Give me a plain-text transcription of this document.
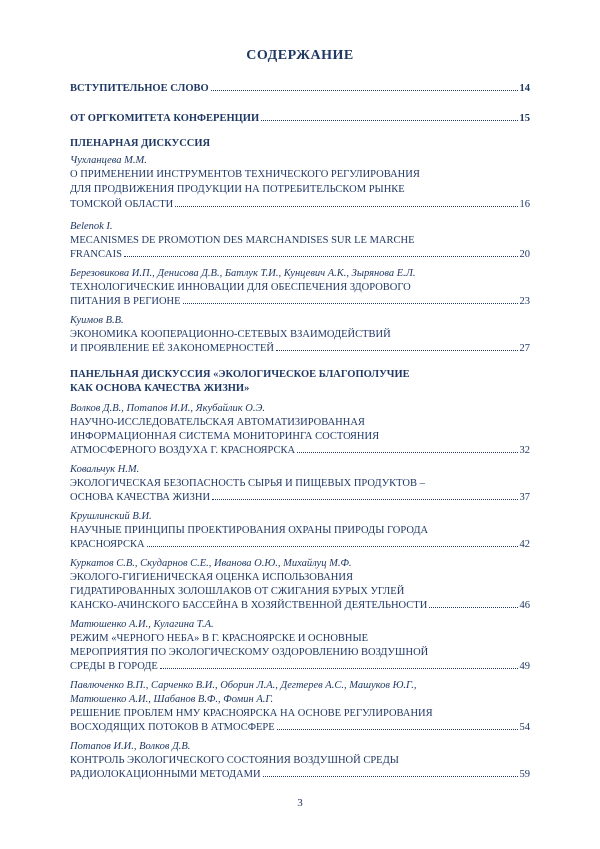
СОДЕРЖАНИЕ
ВСТУПИТЕЛЬНОЕ СЛОВО	14
ОТ ОРГКОМИТЕТА КОНФЕРЕНЦИИ	15
ПЛЕНАРНАЯ ДИСКУССИЯ
Чухланцева М.М.
О ПРИМЕНЕНИИ ИНСТРУМЕНТОВ ТЕХНИЧЕСКОГО РЕГУЛИРОВАНИЯ
ДЛЯ ПРОДВИЖЕНИЯ ПРОДУКЦИИ НА ПОТРЕБИТЕЛЬСКОМ РЫНКЕ
ТОМСКОЙ ОБЛАСТИ	16
Belenok I.
MECANISMES DE PROMOTION DES MARCHANDISES SUR LE MARCHE
FRANCAIS	20
Березовикова И.П., Денисова Д.В., Батлук Т.И., Кунцевич А.К., Зырянова Е.Л.
ТЕХНОЛОГИЧЕСКИЕ ИННОВАЦИИ ДЛЯ ОБЕСПЕЧЕНИЯ ЗДОРОВОГО
ПИТАНИЯ В РЕГИОНЕ	23
Куимов В.В.
ЭКОНОМИКА КООПЕРАЦИОННО-СЕТЕВЫХ ВЗАИМОДЕЙСТВИЙ
И ПРОЯВЛЕНИЕ ЕЁ ЗАКОНОМЕРНОСТЕЙ	27
ПАНЕЛЬНАЯ ДИСКУССИЯ «ЭКОЛОГИЧЕСКОЕ БЛАГОПОЛУЧИЕ
КАК ОСНОВА КАЧЕСТВА ЖИЗНИ»
Волков Д.В., Потапов И.И., Якубайлик О.Э.
НАУЧНО-ИССЛЕДОВАТЕЛЬСКАЯ АВТОМАТИЗИРОВАННАЯ
ИНФОРМАЦИОННАЯ СИСТЕМА МОНИТОРИНГА СОСТОЯНИЯ
АТМОСФЕРНОГО ВОЗДУХА Г. КРАСНОЯРСКА	32
Ковальчук Н.М.
ЭКОЛОГИЧЕСКАЯ БЕЗОПАСНОСТЬ СЫРЬЯ И ПИЩЕВЫХ ПРОДУКТОВ –
ОСНОВА КАЧЕСТВА ЖИЗНИ	37
Крушлинский В.И.
НАУЧНЫЕ ПРИНЦИПЫ ПРОЕКТИРОВАНИЯ ОХРАНЫ ПРИРОДЫ ГОРОДА
КРАСНОЯРСКА	42
Куркатов С.В., Скударнов С.Е., Иванова О.Ю., Михайлуц М.Ф.
ЭКОЛОГО-ГИГИЕНИЧЕСКАЯ ОЦЕНКА ИСПОЛЬЗОВАНИЯ
ГИДРАТИРОВАННЫХ ЗОЛОШЛАКОВ ОТ СЖИГАНИЯ БУРЫХ УГЛЕЙ
КАНСКО-АЧИНСКОГО БАССЕЙНА В ХОЗЯЙСТВЕННОЙ ДЕЯТЕЛЬНОСТИ	46
Матюшенко А.И., Кулагина Т.А.
РЕЖИМ «ЧЕРНОГО НЕБА» В Г. КРАСНОЯРСКЕ И ОСНОВНЫЕ
МЕРОПРИЯТИЯ ПО ЭКОЛОГИЧЕСКОМУ ОЗДОРОВЛЕНИЮ ВОЗДУШНОЙ
СРЕДЫ В ГОРОДЕ	49
Павлюченко В.П., Сарченко В.И., Оборин Л.А., Дегтерев А.С., Машуков Ю.Г.,
Матюшенко А.И., Шабанов В.Ф., Фомин А.Г.
РЕШЕНИЕ ПРОБЛЕМ НМУ КРАСНОЯРСКА НА ОСНОВЕ РЕГУЛИРОВАНИЯ
ВОСХОДЯЩИХ ПОТОКОВ В АТМОСФЕРЕ	54
Потапов И.И., Волков Д.В.
КОНТРОЛЬ ЭКОЛОГИЧЕСКОГО СОСТОЯНИЯ ВОЗДУШНОЙ СРЕДЫ
РАДИОЛОКАЦИОННЫМИ МЕТОДАМИ	59
3
